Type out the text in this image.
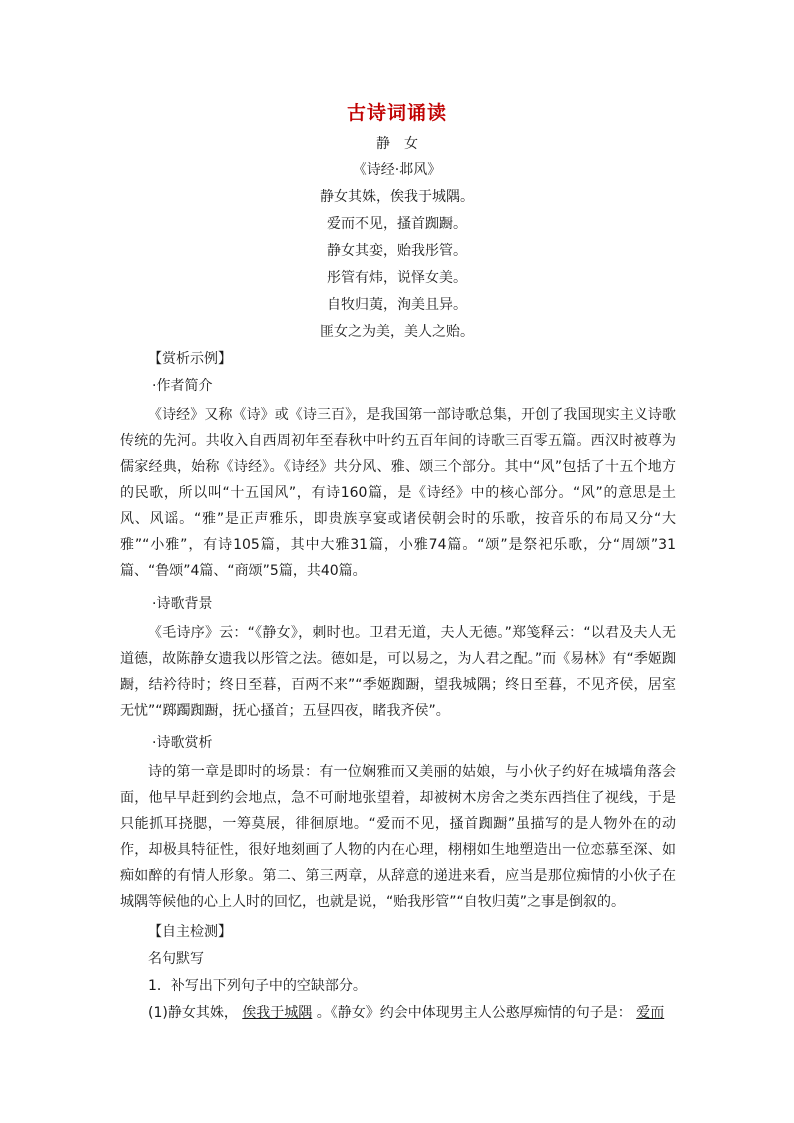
古诗词诵读
静　女
《诗经·邶风》
静女其姝，俟我于城隅。
爱而不见，搔首踟蹰。
静女其娈，贻我彤管。
彤管有炜，说怿女美。
自牧归荑，洵美且异。
匪女之为美，美人之贻。
【赏析示例】
·作者简介
《诗经》又称《诗》或《诗三百》，是我国第一部诗歌总集，开创了我国现实主义诗歌传统的先河。共收入自西周初年至春秋中叶约五百年间的诗歌三百零五篇。西汉时被尊为儒家经典，始称《诗经》。《诗经》共分风、雅、颂三个部分。其中“风”包括了十五个地方的民歌，所以叫“十五国风”，有诗160篇，是《诗经》中的核心部分。“风”的意思是土风、风谣。“雅”是正声雅乐，即贵族享宴或诸侯朝会时的乐歌，按音乐的布局又分“大雅”“小雅”，有诗105篇，其中大雅31篇，小雅74篇。“颂”是祭祀乐歌，分“周颂”31篇、“鲁颂”4篇、“商颂”5篇，共40篇。
·诗歌背景
《毛诗序》云：“《静女》，刺时也。卫君无道，夫人无德。”郑笺释云：“以君及夫人无道德，故陈静女遗我以彤管之法。德如是，可以易之，为人君之配。”而《易林》有“季姬踟蹰，结衿待时；终日至暮，百两不来”“季姬踟蹰，望我城隅；终日至暮，不见齐侯，居室无忧”“踯躅踟蹰，抚心搔首；五昼四夜，睹我齐侯”。
·诗歌赏析
诗的第一章是即时的场景：有一位娴雅而又美丽的姑娘，与小伙子约好在城墙角落会面，他早早赶到约会地点，急不可耐地张望着，却被树木房舍之类东西挡住了视线，于是只能抓耳挠腮，一筹莫展，徘徊原地。“爱而不见，搔首踟蹰”虽描写的是人物外在的动作，却极具特征性，很好地刻画了人物的内在心理，栩栩如生地塑造出一位恋慕至深、如痴如醉的有情人形象。第二、第三两章，从辞意的递进来看，应当是那位痴情的小伙子在城隅等候他的心上人时的回忆，也就是说，“贻我彤管”“自牧归荑”之事是倒叙的。
【自主检测】
名句默写
1．补写出下列句子中的空缺部分。
(1)静女其姝， 俟我于城隅 。《静女》约会中体现男主人公憨厚痴情的句子是： 爱而
